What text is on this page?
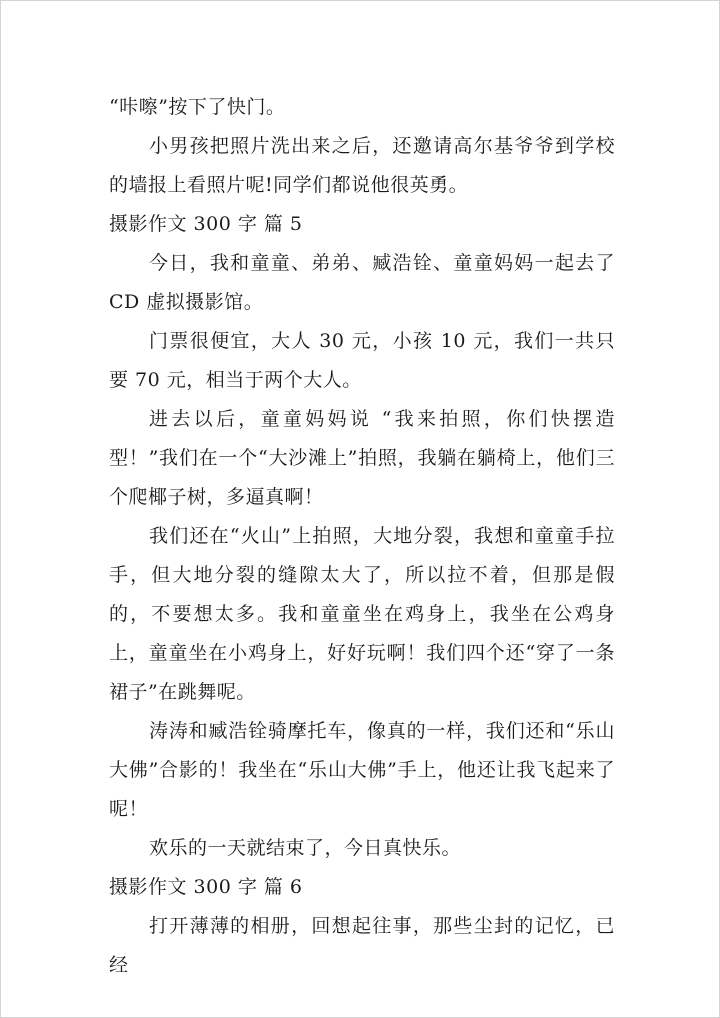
“咔嚓”按下了快门。

小男孩把照片洗出来之后，还邀请高尔基爷爷到学校的墙报上看照片呢!同学们都说他很英勇。

摄影作文 300 字 篇 5

今日，我和童童、弟弟、臧浩铨、童童妈妈一起去了 CD 虚拟摄影馆。

门票很便宜，大人 30 元，小孩 10 元，我们一共只要 70 元，相当于两个大人。

进去以后，童童妈妈说 “我来拍照，你们快摆造型！”我们在一个“大沙滩上”拍照，我躺在躺椅上，他们三个爬椰子树，多逼真啊！

我们还在“火山”上拍照，大地分裂，我想和童童手拉手，但大地分裂的缝隙太大了，所以拉不着，但那是假的，不要想太多。我和童童坐在鸡身上，我坐在公鸡身上，童童坐在小鸡身上，好好玩啊！我们四个还“穿了一条裙子”在跳舞呢。

涛涛和臧浩铨骑摩托车，像真的一样，我们还和“乐山大佛”合影的！我坐在“乐山大佛”手上，他还让我飞起来了呢！

欢乐的一天就结束了，今日真快乐。

摄影作文 300 字 篇 6

打开薄薄的相册，回想起往事，那些尘封的记忆，已经
